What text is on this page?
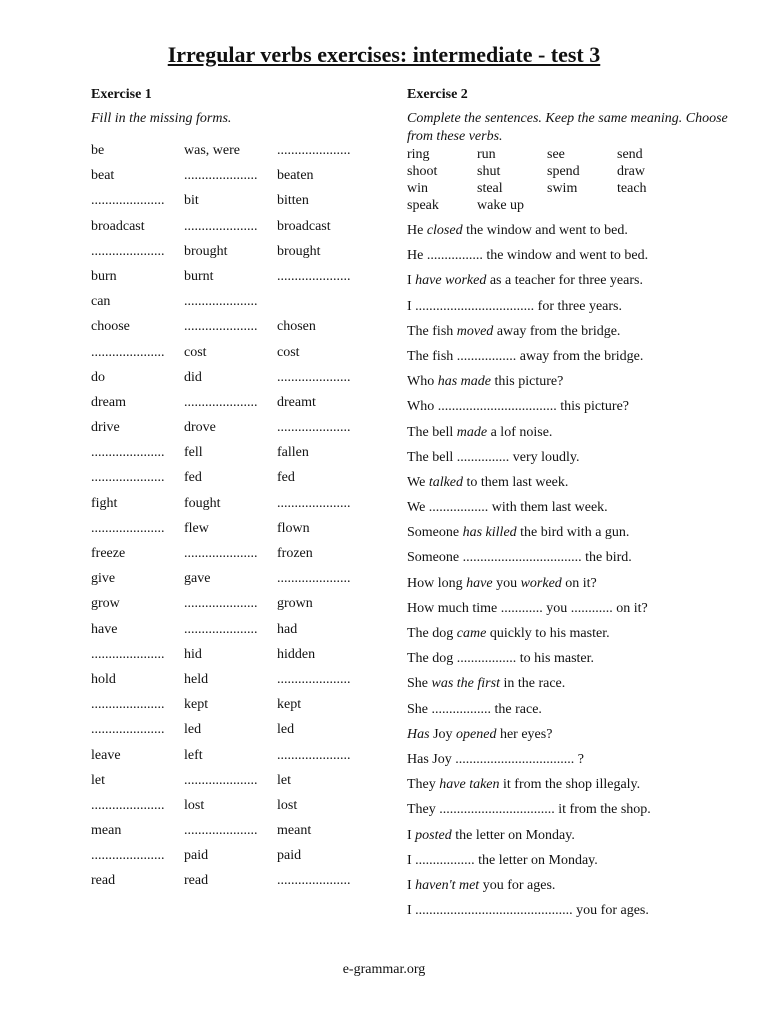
Irregular verbs exercises: intermediate - test 3
Exercise 1
Fill in the missing forms.
be	was, were	.....................
beat	..................... beaten
..................... bit	bitten
broadcast	..................... broadcast
..................... brought	brought
burn	burnt	.....................
can	.....................
choose	..................... chosen
..................... cost	cost
do	did	.....................
dream	..................... dreamt
drive	drove	.....................
..................... fell	fallen
..................... fed	fed
fight	fought	.....................
..................... flew	flown
freeze	..................... frozen
give	gave	.....................
grow	..................... grown
have	..................... had
..................... hid	hidden
hold	held	.....................
..................... kept	kept
..................... led	led
leave	left	.....................
let	..................... let
..................... lost	lost
mean	..................... meant
..................... paid	paid
read	read	.....................
Exercise 2
Complete the sentences. Keep the same meaning. Choose from these verbs.
ring	run	see	send
shoot	shut	spend	draw
win	steal	swim	teach
speak	wake up
He closed the window and went to bed.
He ................ the window and went to bed.
I have worked as a teacher for three years.
I .................................. for three years.
The fish moved away from the bridge.
The fish ................. away from the bridge.
Who has made this picture?
Who .................................. this picture?
The bell made a lof noise.
The bell ............... very loudly.
We talked to them last week.
We ................. with them last week.
Someone has killed the bird with a gun.
Someone .................................. the bird.
How long have you worked on it?
How much time ............ you ............ on it?
The dog came quickly to his master.
The dog ................. to his master.
She was the first in the race.
She ................. the race.
Has Joy opened her eyes?
Has Joy .................................. ?
They have taken it from the shop illegaly.
They ................................. it from the shop.
I posted the letter on Monday.
I ................. the letter on Monday.
I haven't met you for ages.
I ............................................. you for ages.
e-grammar.org
